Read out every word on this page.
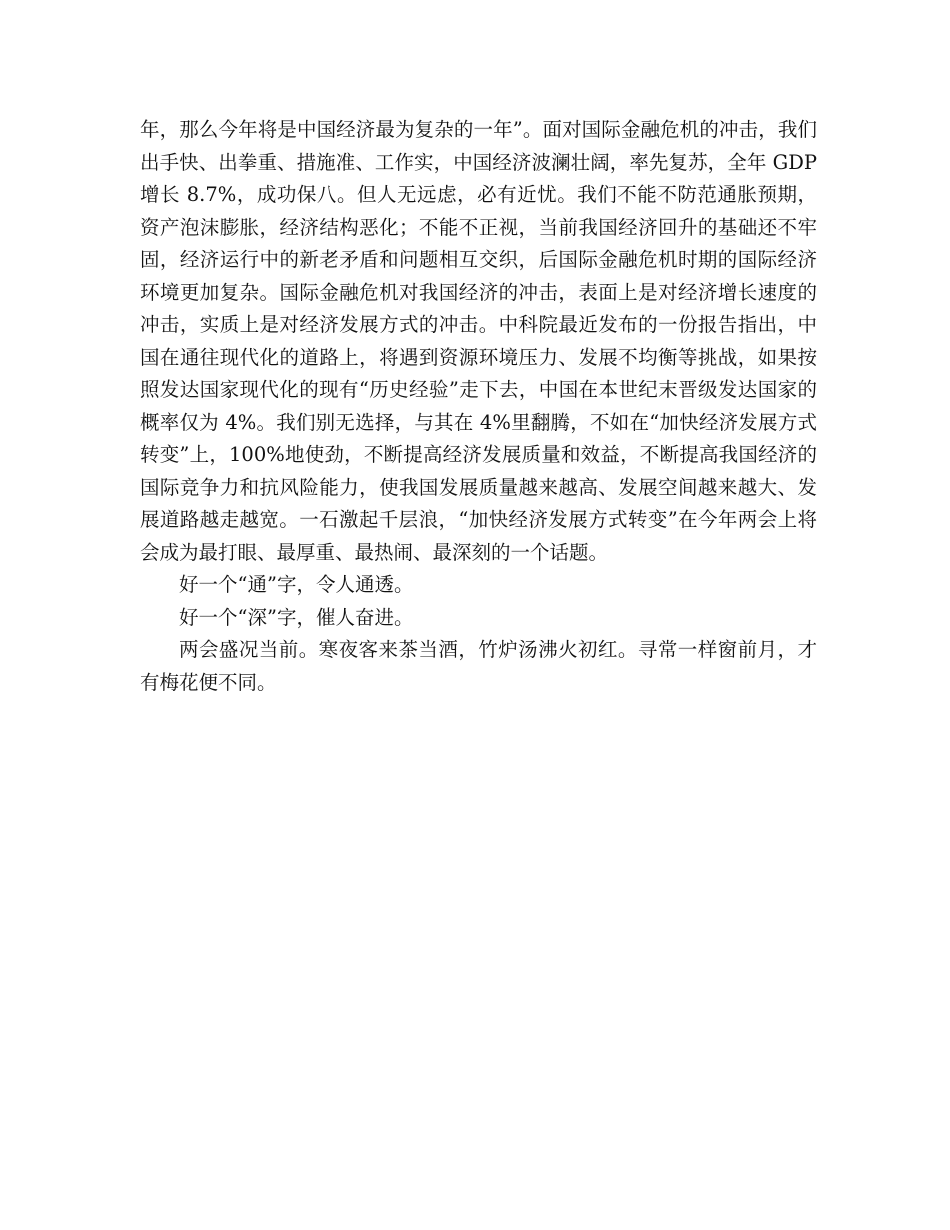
年，那么今年将是中国经济最为复杂的一年”。面对国际金融危机的冲击，我们出手快、出拳重、措施准、工作实，中国经济波澜壮阔，率先复苏，全年 GDP 增长 8.7%，成功保八。但人无远虑，必有近忧。我们不能不防范通胀预期，资产泡沫膨胀，经济结构恶化；不能不正视，当前我国经济回升的基础还不牢固，经济运行中的新老矛盾和问题相互交织，后国际金融危机时期的国际经济环境更加复杂。国际金融危机对我国经济的冲击，表面上是对经济增长速度的冲击，实质上是对经济发展方式的冲击。中科院最近发布的一份报告指出，中国在通往现代化的道路上，将遇到资源环境压力、发展不均衡等挑战，如果按照发达国家现代化的现有“历史经验”走下去，中国在本世纪末晋级发达国家的概率仅为 4%。我们别无选择，与其在 4%里翻腾，不如在“加快经济发展方式转变”上，100%地使劲，不断提高经济发展质量和效益，不断提高我国经济的国际竞争力和抗风险能力，使我国发展质量越来越高、发展空间越来越大、发展道路越走越宽。一石激起千层浪，“加快经济发展方式转变”在今年两会上将会成为最打眼、最厚重、最热闹、最深刻的一个话题。

好一个“通”字，令人通透。

好一个“深”字，催人奋进。

两会盛况当前。寒夜客来茶当酒，竹炉汤沸火初红。寻常一样窗前月，才有梅花便不同。
